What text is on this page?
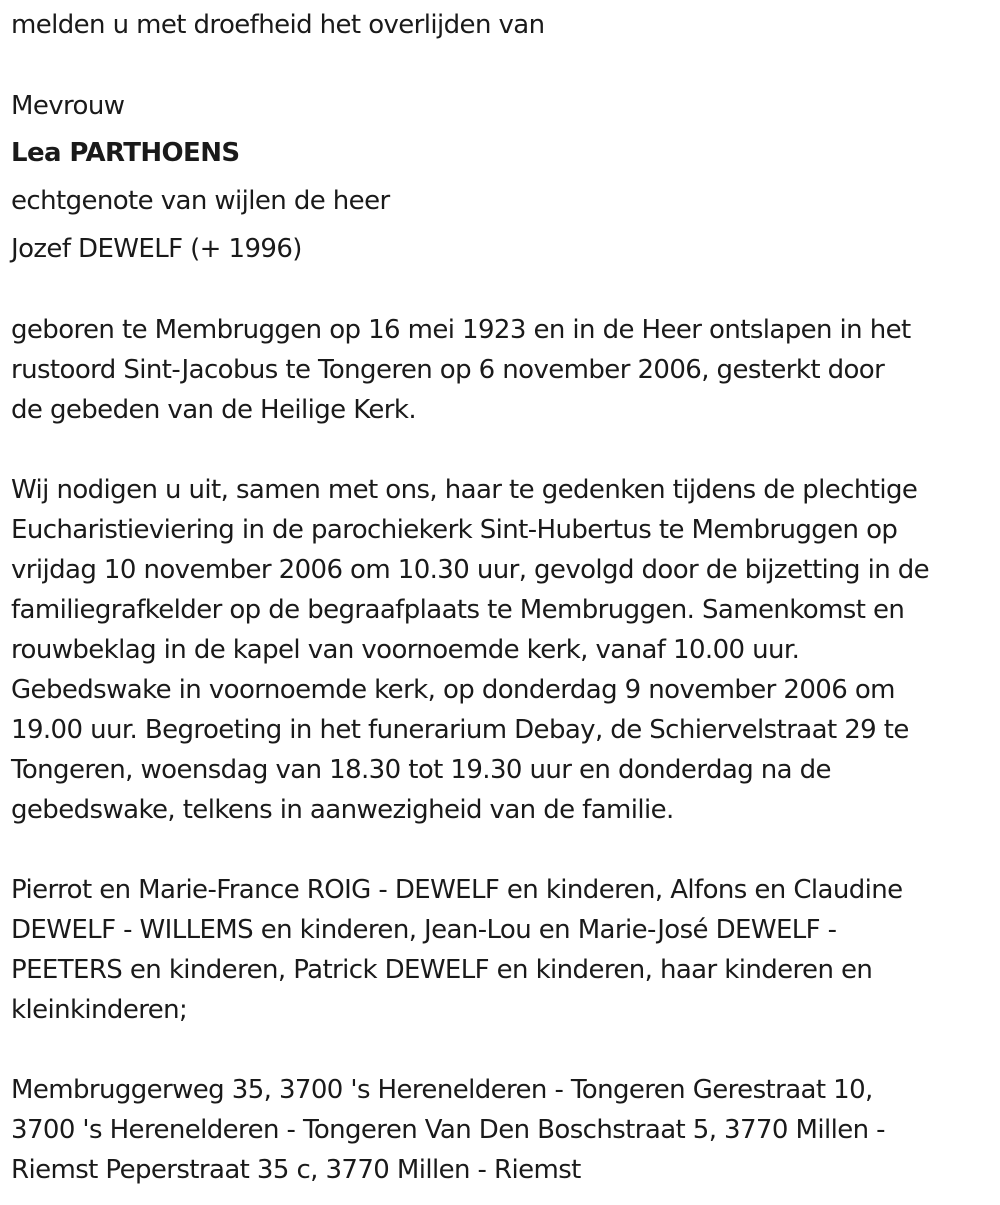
melden u met droefheid het overlijden van
Mevrouw
Lea PARTHOENS
echtgenote van wijlen de heer
Jozef DEWELF (+ 1996)
geboren te Membruggen op 16 mei 1923 en in de Heer ontslapen in het
rustoord Sint-Jacobus te Tongeren op 6 november 2006, gesterkt door
de gebeden van de Heilige Kerk.
Wij nodigen u uit, samen met ons, haar te gedenken tijdens de plechtige
Eucharistieviering in de parochiekerk Sint-Hubertus te Membruggen op
vrijdag 10 november 2006 om 10.30 uur, gevolgd door de bijzetting in de
familiegrafkelder op de begraafplaats te Membruggen. Samenkomst en
rouwbeklag in de kapel van voornoemde kerk, vanaf 10.00 uur.
Gebedswake in voornoemde kerk, op donderdag 9 november 2006 om
19.00 uur. Begroeting in het funerarium Debay, de Schiervelstraat 29 te
Tongeren, woensdag van 18.30 tot 19.30 uur en donderdag na de
gebedswake, telkens in aanwezigheid van de familie.
Pierrot en Marie-France ROIG - DEWELF en kinderen, Alfons en Claudine
DEWELF - WILLEMS en kinderen, Jean-Lou en Marie-José DEWELF -
PEETERS en kinderen, Patrick DEWELF en kinderen, haar kinderen en
kleinkinderen;
Membruggerweg 35, 3700 's Herenelderen - Tongeren Gerestraat 10,
3700 's Herenelderen - Tongeren Van Den Boschstraat 5, 3770 Millen -
Riemst Peperstraat 35 c, 3770 Millen - Riemst
